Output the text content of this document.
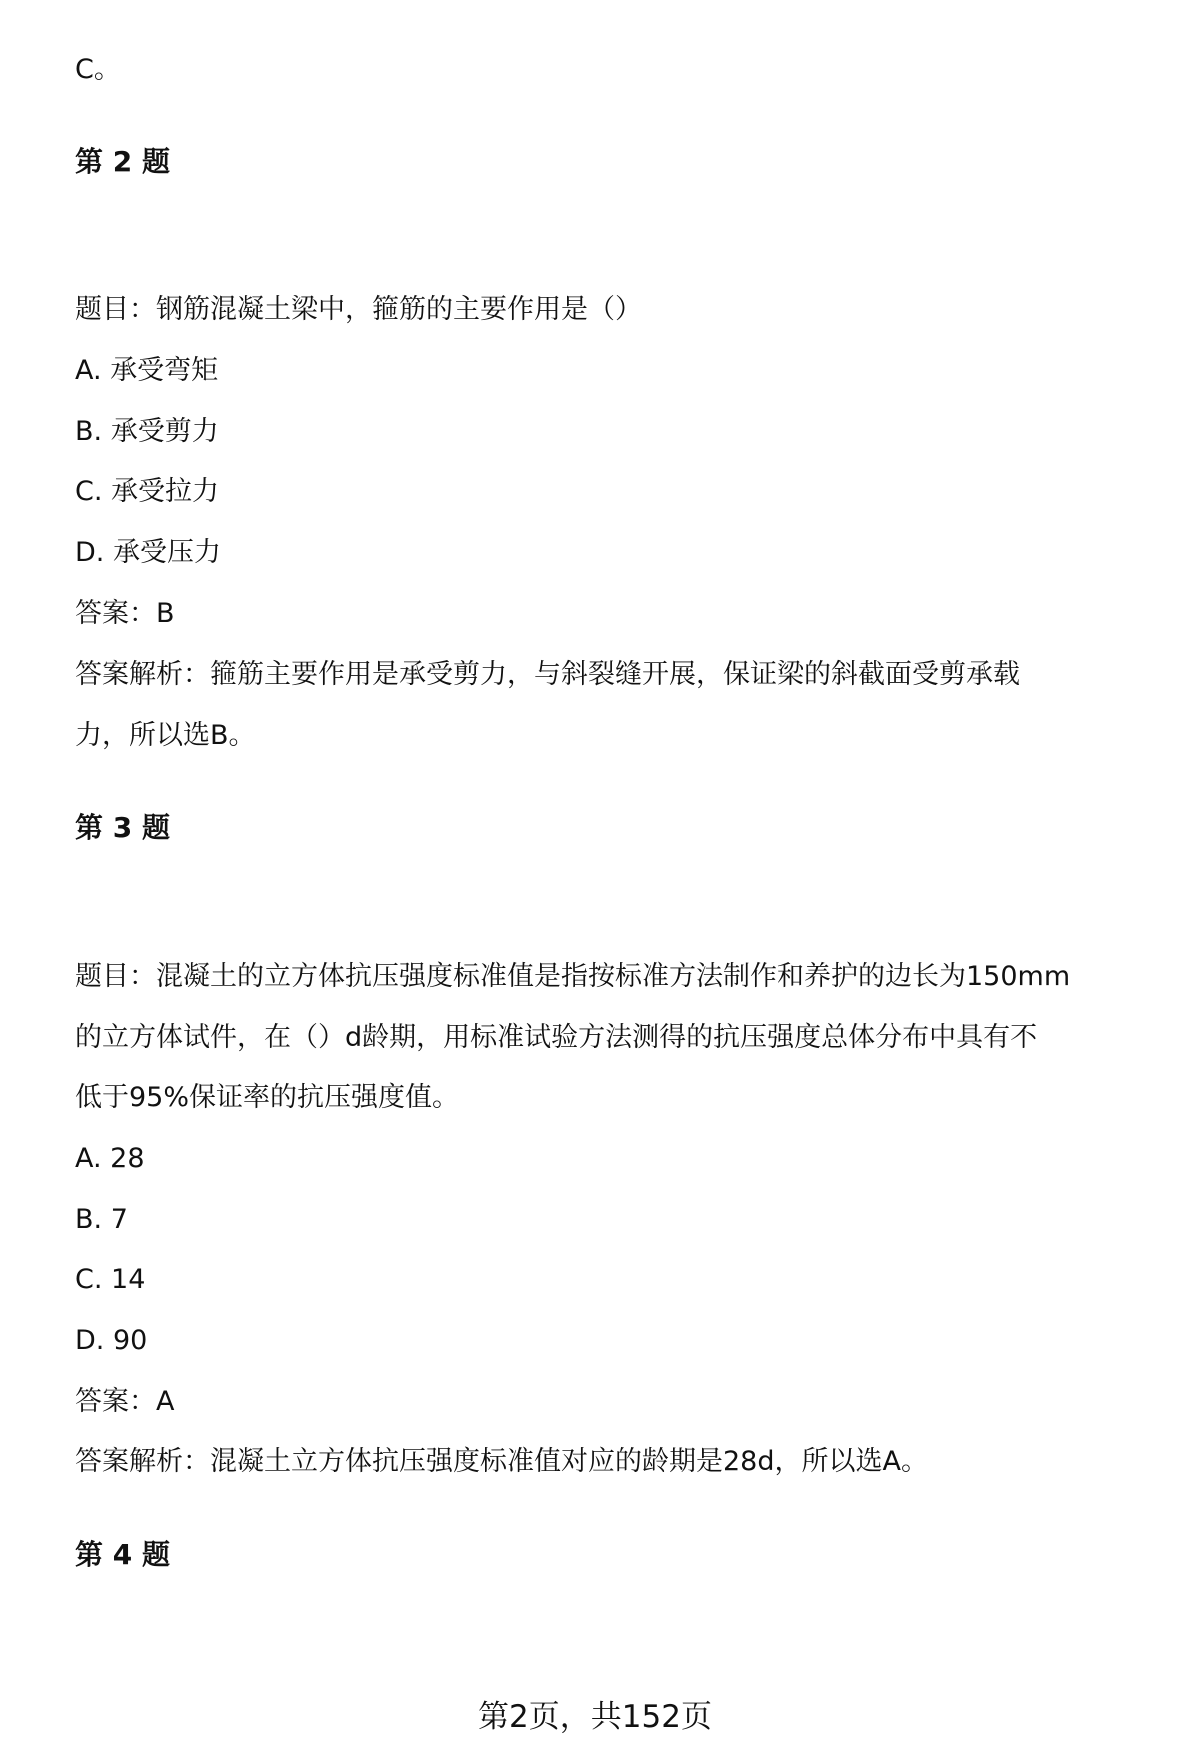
C。
第 2 题
题目：钢筋混凝土梁中，箍筋的主要作用是（）
A. 承受弯矩
B. 承受剪力
C. 承受拉力
D. 承受压力
答案：B
答案解析：箍筋主要作用是承受剪力，与斜裂缝开展，保证梁的斜截面受剪承载
力，所以选B。
第 3 题
题目：混凝土的立方体抗压强度标准值是指按标准方法制作和养护的边长为150mm
的立方体试件，在（）d龄期，用标准试验方法测得的抗压强度总体分布中具有不
低于95%保证率的抗压强度值。
A. 28
B. 7
C. 14
D. 90
答案：A
答案解析：混凝土立方体抗压强度标准值对应的龄期是28d，所以选A。
第 4 题
第2页，共152页
